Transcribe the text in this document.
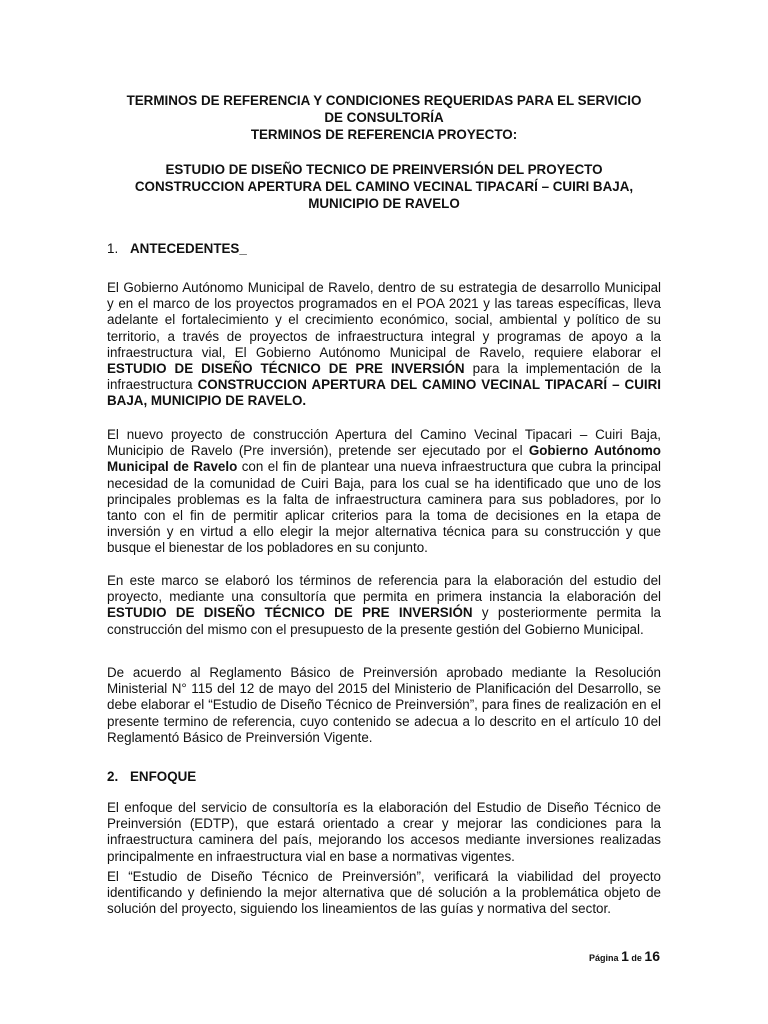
TERMINOS DE REFERENCIA Y CONDICIONES REQUERIDAS PARA EL SERVICIO
DE CONSULTORÍA
TERMINOS DE REFERENCIA PROYECTO:
ESTUDIO DE DISEÑO TECNICO DE PREINVERSIÓN DEL PROYECTO
CONSTRUCCION APERTURA DEL CAMINO VECINAL TIPACARÍ – CUIRI BAJA,
MUNICIPIO DE RAVELO
1. ANTECEDENTES_

El Gobierno Autónomo Municipal de Ravelo, dentro de su estrategia de desarrollo Municipal y en el marco de los proyectos programados en el POA 2021 y las tareas específicas, lleva adelante el fortalecimiento y el crecimiento económico, social, ambiental y político de su territorio, a través de proyectos de infraestructura integral y programas de apoyo a la infraestructura vial, El Gobierno Autónomo Municipal de Ravelo, requiere elaborar el ESTUDIO DE DISEÑO TÉCNICO DE PRE INVERSIÓN para la implementación de la infraestructura CONSTRUCCION APERTURA DEL CAMINO VECINAL TIPACARÍ – CUIRI BAJA, MUNICIPIO DE RAVELO.

El nuevo proyecto de construcción Apertura del Camino Vecinal Tipacari – Cuiri Baja, Municipio de Ravelo (Pre inversión), pretende ser ejecutado por el Gobierno Autónomo Municipal de Ravelo con el fin de plantear una nueva infraestructura que cubra la principal necesidad de la comunidad de Cuiri Baja, para los cual se ha identificado que uno de los principales problemas es la falta de infraestructura caminera para sus pobladores, por lo tanto con el fin de permitir aplicar criterios para la toma de decisiones en la etapa de inversión y en virtud a ello elegir la mejor alternativa técnica para su construcción y que busque el bienestar de los pobladores en su conjunto.

En este marco se elaboró los términos de referencia para la elaboración del estudio del proyecto, mediante una consultoría que permita en primera instancia la elaboración del ESTUDIO DE DISEÑO TÉCNICO DE PRE INVERSIÓN y posteriormente permita la construcción del mismo con el presupuesto de la presente gestión del Gobierno Municipal.

De acuerdo al Reglamento Básico de Preinversión aprobado mediante la Resolución Ministerial N° 115 del 12 de mayo del 2015 del Ministerio de Planificación del Desarrollo, se debe elaborar el “Estudio de Diseño Técnico de Preinversión”, para fines de realización en el presente termino de referencia, cuyo contenido se adecua a lo descrito en el artículo 10 del Reglamentó Básico de Preinversión Vigente.

2. ENFOQUE

El enfoque del servicio de consultoría es la elaboración del Estudio de Diseño Técnico de Preinversión (EDTP), que estará orientado a crear y mejorar las condiciones para la infraestructura caminera del país, mejorando los accesos mediante inversiones realizadas principalmente en infraestructura vial en base a normativas vigentes.

El “Estudio de Diseño Técnico de Preinversión”, verificará la viabilidad del proyecto identificando y definiendo la mejor alternativa que dé solución a la problemática objeto de solución del proyecto, siguiendo los lineamientos de las guías y normativa del sector.

Página 1 de 16
